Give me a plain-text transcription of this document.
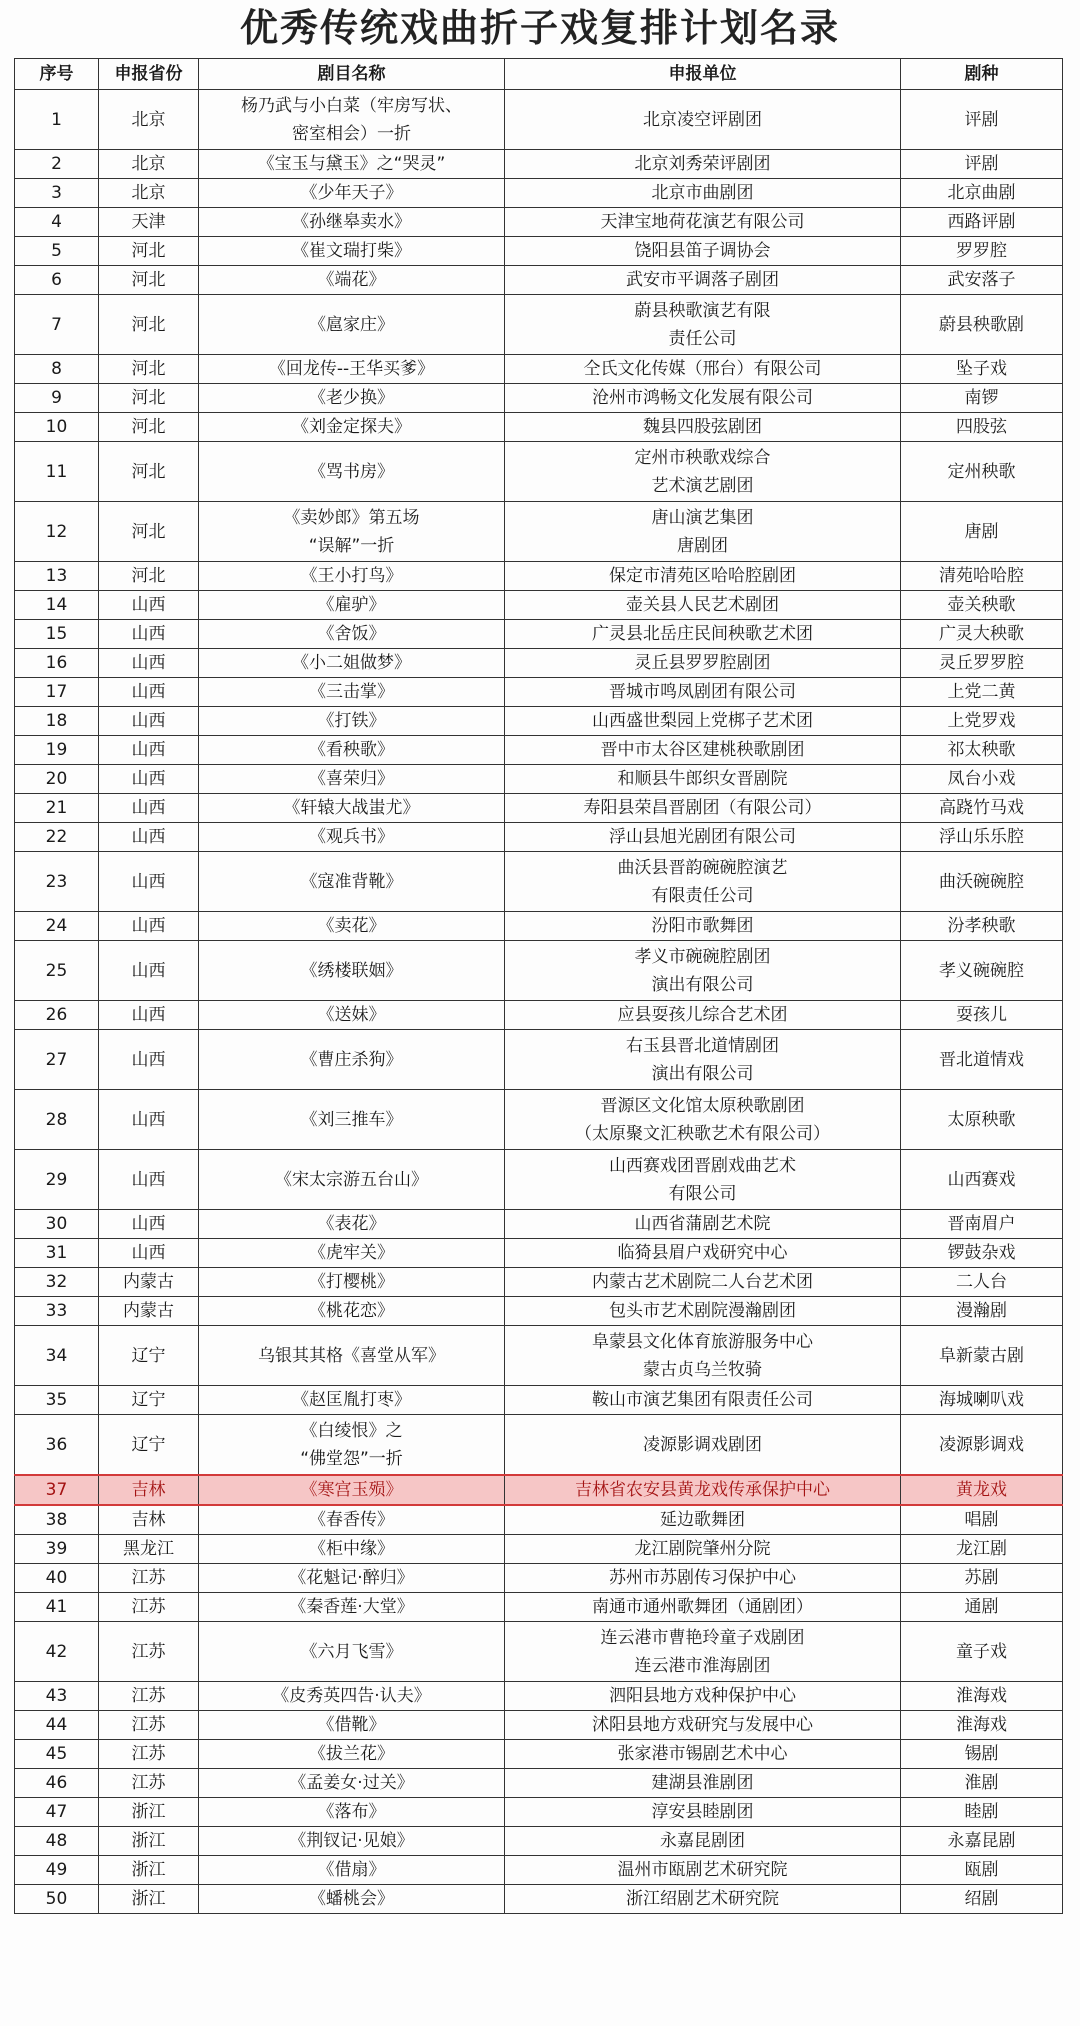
优秀传统戏曲折子戏复排计划名录
序号	申报省份	剧目名称	申报单位	剧种
1	北京	杨乃武与小白菜（牢房写状、
密室相会）一折	北京凌空评剧团	评剧
2	北京	《宝玉与黛玉》之“哭灵”	北京刘秀荣评剧团	评剧
3	北京	《少年天子》	北京市曲剧团	北京曲剧
4	天津	《孙继皋卖水》	天津宝地荷花演艺有限公司	西路评剧
5	河北	《崔文瑞打柴》	饶阳县笛子调协会	罗罗腔
6	河北	《端花》	武安市平调落子剧团	武安落子
7	河北	《扈家庄》	蔚县秧歌演艺有限
责任公司	蔚县秧歌剧
8	河北	《回龙传--王华买爹》	仝氏文化传媒（邢台）有限公司	坠子戏
9	河北	《老少换》	沧州市鸿畅文化发展有限公司	南锣
10	河北	《刘金定探夫》	魏县四股弦剧团	四股弦
11	河北	《骂书房》	定州市秧歌戏综合
艺术演艺剧团	定州秧歌
12	河北	《卖妙郎》第五场
“误解”一折	唐山演艺集团
唐剧团	唐剧
13	河北	《王小打鸟》	保定市清苑区哈哈腔剧团	清苑哈哈腔
14	山西	《雇驴》	壶关县人民艺术剧团	壶关秧歌
15	山西	《舍饭》	广灵县北岳庄民间秧歌艺术团	广灵大秧歌
16	山西	《小二姐做梦》	灵丘县罗罗腔剧团	灵丘罗罗腔
17	山西	《三击掌》	晋城市鸣凤剧团有限公司	上党二黄
18	山西	《打铁》	山西盛世梨园上党梆子艺术团	上党罗戏
19	山西	《看秧歌》	晋中市太谷区建桃秧歌剧团	祁太秧歌
20	山西	《喜荣归》	和顺县牛郎织女晋剧院	凤台小戏
21	山西	《轩辕大战蚩尤》	寿阳县荣昌晋剧团（有限公司）	高跷竹马戏
22	山西	《观兵书》	浮山县旭光剧团有限公司	浮山乐乐腔
23	山西	《寇准背靴》	曲沃县晋韵碗碗腔演艺
有限责任公司	曲沃碗碗腔
24	山西	《卖花》	汾阳市歌舞团	汾孝秧歌
25	山西	《绣楼联姻》	孝义市碗碗腔剧团
演出有限公司	孝义碗碗腔
26	山西	《送妹》	应县耍孩儿综合艺术团	耍孩儿
27	山西	《曹庄杀狗》	右玉县晋北道情剧团
演出有限公司	晋北道情戏
28	山西	《刘三推车》	晋源区文化馆太原秧歌剧团
（太原聚文汇秧歌艺术有限公司）	太原秧歌
29	山西	《宋太宗游五台山》	山西赛戏团晋剧戏曲艺术
有限公司	山西赛戏
30	山西	《表花》	山西省蒲剧艺术院	晋南眉户
31	山西	《虎牢关》	临猗县眉户戏研究中心	锣鼓杂戏
32	内蒙古	《打樱桃》	内蒙古艺术剧院二人台艺术团	二人台
33	内蒙古	《桃花恋》	包头市艺术剧院漫瀚剧团	漫瀚剧
34	辽宁	乌银其其格《喜堂从军》	阜蒙县文化体育旅游服务中心
蒙古贞乌兰牧骑	阜新蒙古剧
35	辽宁	《赵匡胤打枣》	鞍山市演艺集团有限责任公司	海城喇叭戏
36	辽宁	《白绫恨》之
“佛堂怨”一折	凌源影调戏剧团	凌源影调戏
37	吉林	《寒宫玉殒》	吉林省农安县黄龙戏传承保护中心	黄龙戏
38	吉林	《春香传》	延边歌舞团	唱剧
39	黑龙江	《柜中缘》	龙江剧院肇州分院	龙江剧
40	江苏	《花魁记·醉归》	苏州市苏剧传习保护中心	苏剧
41	江苏	《秦香莲·大堂》	南通市通州歌舞团（通剧团）	通剧
42	江苏	《六月飞雪》	连云港市曹艳玲童子戏剧团
连云港市淮海剧团	童子戏
43	江苏	《皮秀英四告·认夫》	泗阳县地方戏种保护中心	淮海戏
44	江苏	《借靴》	沭阳县地方戏研究与发展中心	淮海戏
45	江苏	《拔兰花》	张家港市锡剧艺术中心	锡剧
46	江苏	《孟姜女·过关》	建湖县淮剧团	淮剧
47	浙江	《落布》	淳安县睦剧团	睦剧
48	浙江	《荆钗记·见娘》	永嘉昆剧团	永嘉昆剧
49	浙江	《借扇》	温州市瓯剧艺术研究院	瓯剧
50	浙江	《蟠桃会》	浙江绍剧艺术研究院	绍剧
